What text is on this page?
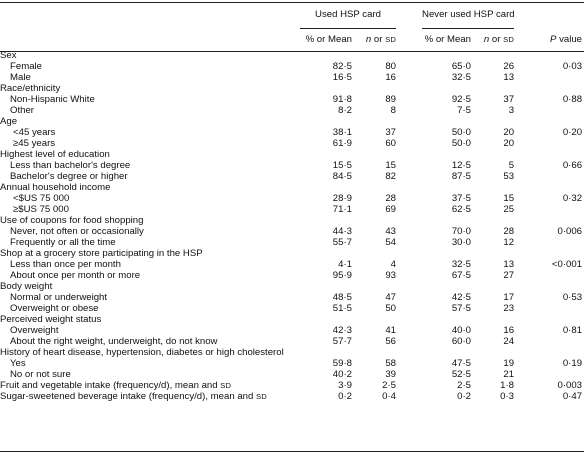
	Used HSP card			Never used HSP card		
	% or Mean	n or SD		% or Mean	n or SD	P value
Sex						
Female	82·5	80		65·0	26	0·03
Male	16·5	16		32·5	13	
Race/ethnicity						
Non-Hispanic White	91·8	89		92·5	37	0·88
Other	8·2	8		7·5	3	
Age						
<45 years	38·1	37		50·0	20	0·20
≥45 years	61·9	60		50·0	20	
Highest level of education						
Less than bachelor's degree	15·5	15		12·5	5	0·66
Bachelor's degree or higher	84·5	82		87·5	53	
Annual household income						
<$US 75 000	28·9	28		37·5	15	0·32
≥$US 75 000	71·1	69		62·5	25	
Use of coupons for food shopping						
Never, not often or occasionally	44·3	43		70·0	28	0·006
Frequently or all the time	55·7	54		30·0	12	
Shop at a grocery store participating in the HSP						
Less than once per month	4·1	4		32·5	13	<0·001
About once per month or more	95·9	93		67·5	27	
Body weight						
Normal or underweight	48·5	47		42·5	17	0·53
Overweight or obese	51·5	50		57·5	23	
Perceived weight status						
Overweight	42·3	41		40·0	16	0·81
About the right weight, underweight, do not know	57·7	56		60·0	24	
History of heart disease, hypertension, diabetes or high cholesterol						
Yes	59·8	58		47·5	19	0·19
No or not sure	40·2	39		52·5	21	
Fruit and vegetable intake (frequency/d), mean and SD	3·9	2·5		2·5	1·8	0·003
Sugar-sweetened beverage intake (frequency/d), mean and SD	0·2	0·4		0·2	0·3	0·47
